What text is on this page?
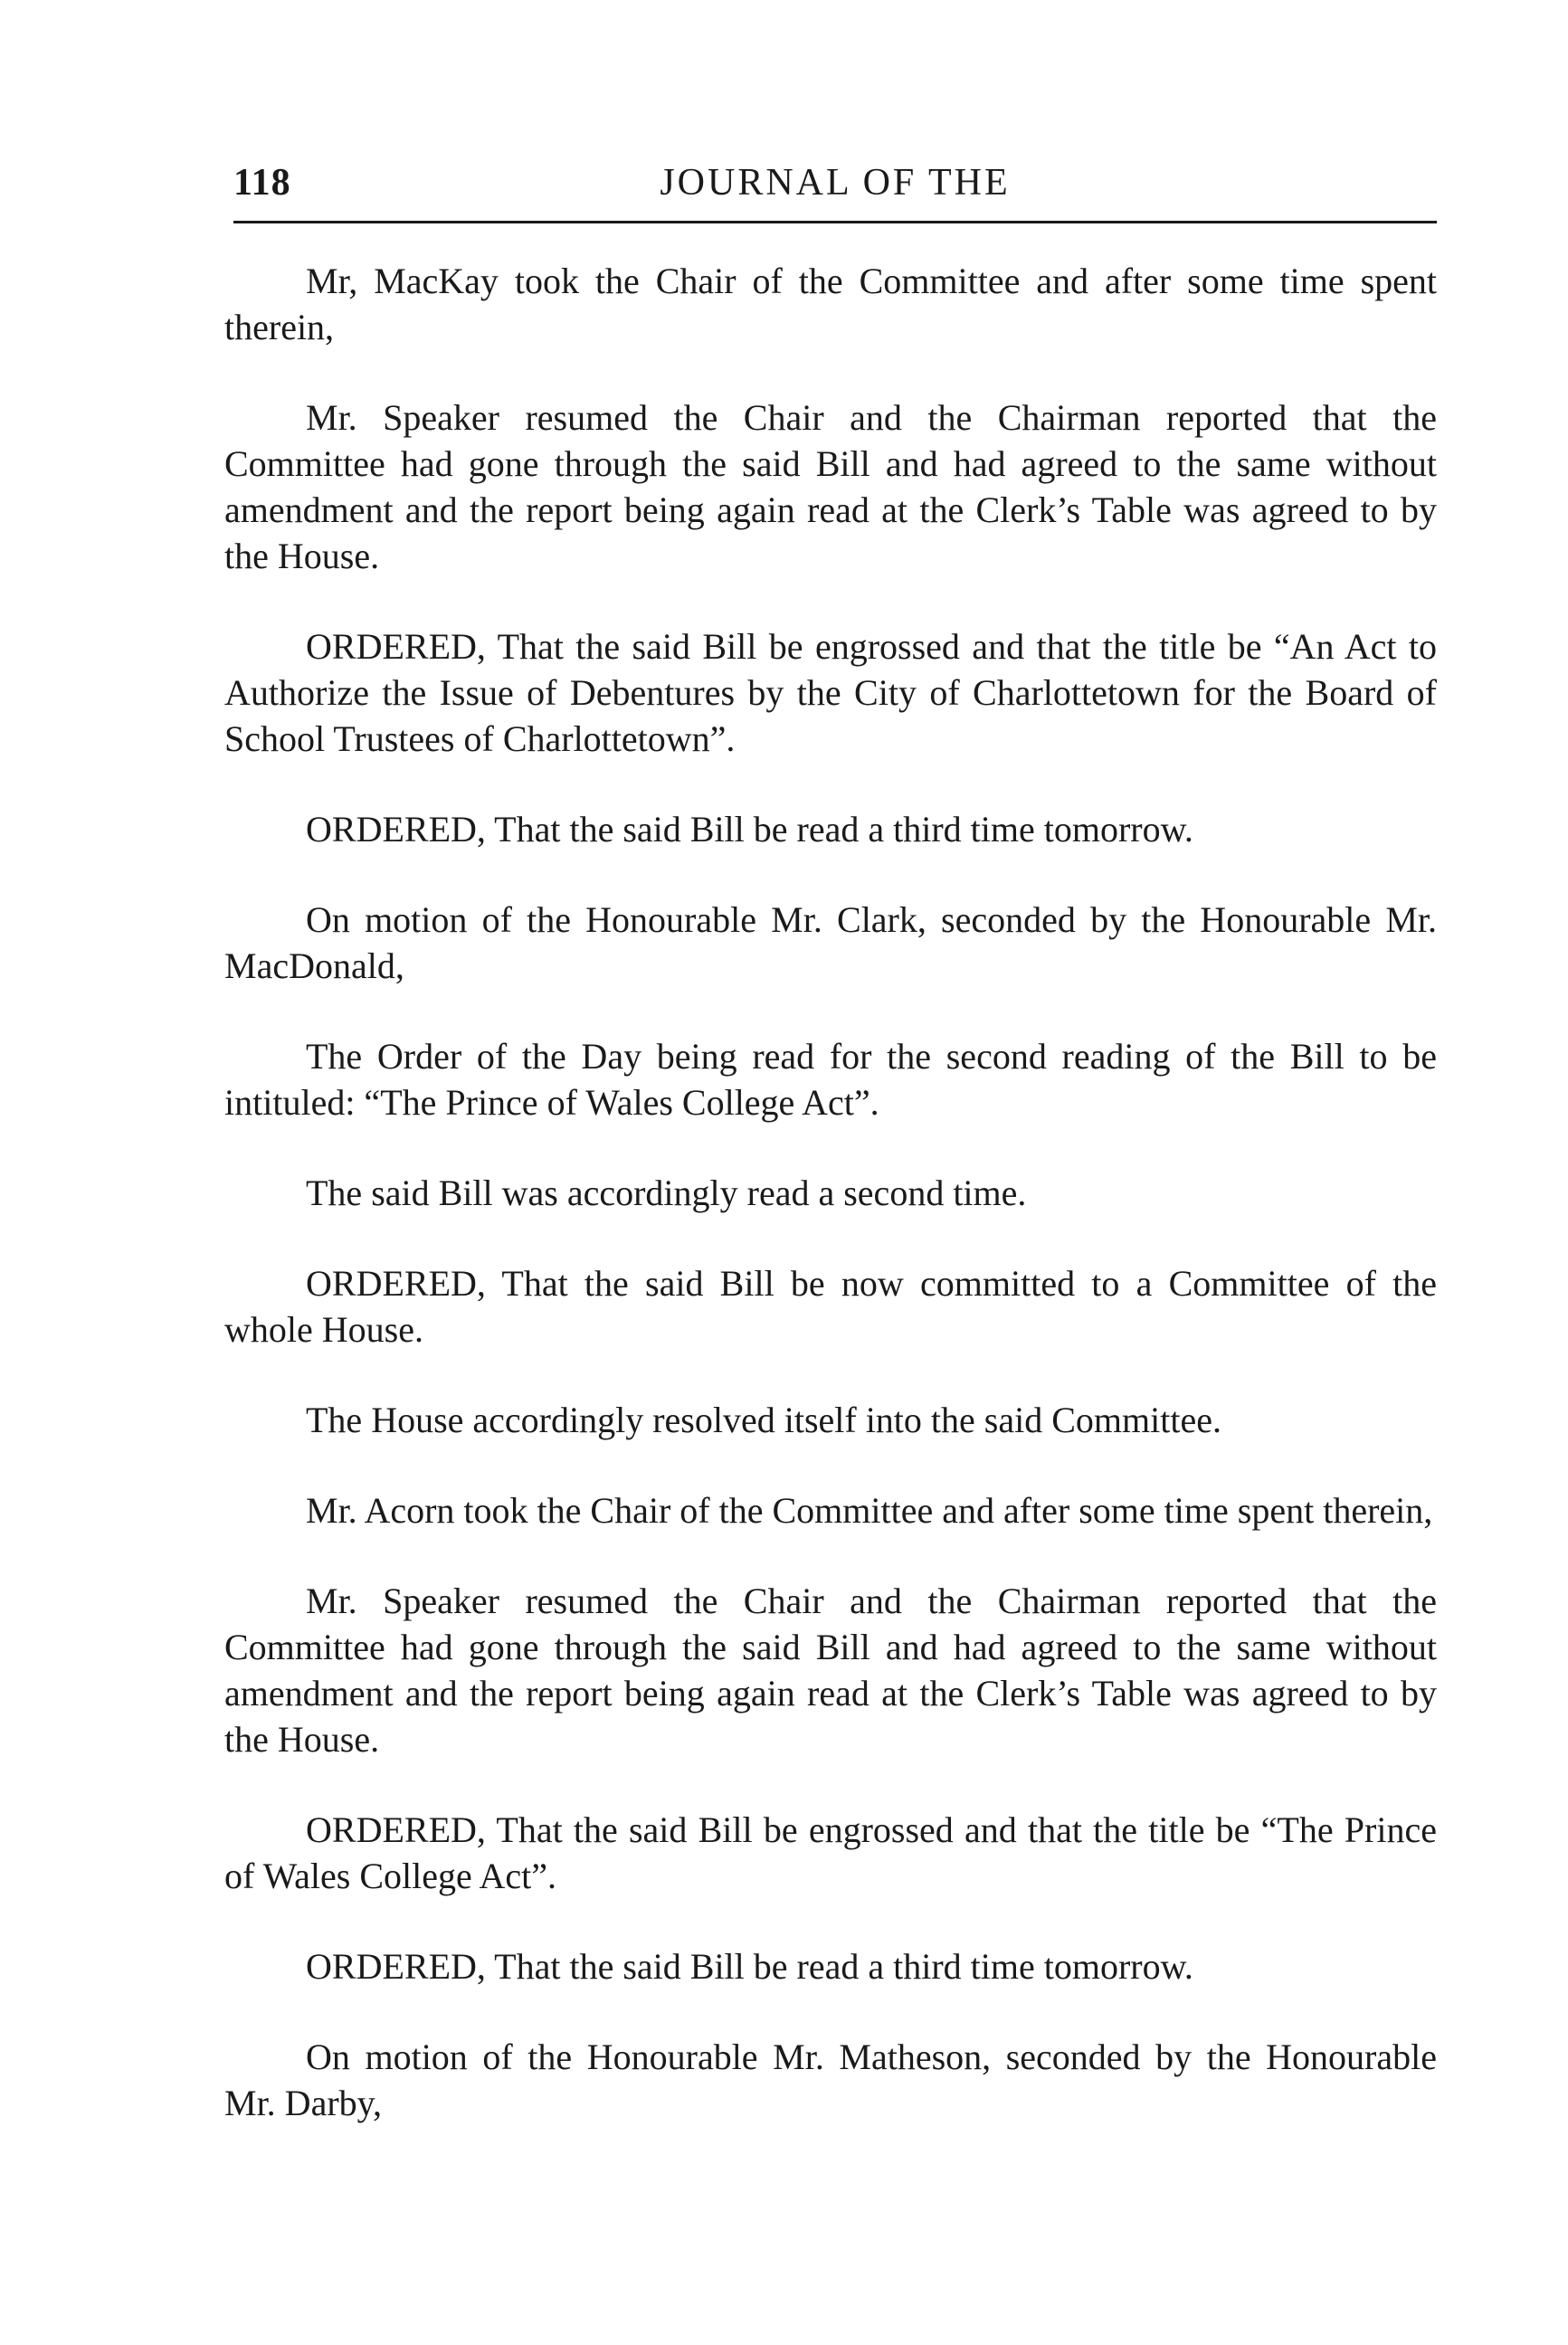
118	JOURNAL OF THE

Mr, MacKay took the Chair of the Committee and after some time spent therein,

Mr. Speaker resumed the Chair and the Chairman reported that the Committee had gone through the said Bill and had agreed to the same without amendment and the report being again read at the Clerk’s Table was agreed to by the House.

ORDERED, That the said Bill be engrossed and that the title be “An Act to Authorize the Issue of Debentures by the City of Charlottetown for the Board of School Trustees of Charlottetown”.

ORDERED, That the said Bill be read a third time tomorrow.

On motion of the Honourable Mr. Clark, seconded by the Honourable Mr. MacDonald,

The Order of the Day being read for the second reading of the Bill to be intituled: “The Prince of Wales College Act”.

The said Bill was accordingly read a second time.

ORDERED, That the said Bill be now committed to a Committee of the whole House.

The House accordingly resolved itself into the said Committee.

Mr. Acorn took the Chair of the Committee and after some time spent therein,

Mr. Speaker resumed the Chair and the Chairman reported that the Committee had gone through the said Bill and had agreed to the same without amendment and the report being again read at the Clerk’s Table was agreed to by the House.

ORDERED, That the said Bill be engrossed and that the title be “The Prince of Wales College Act”.

ORDERED, That the said Bill be read a third time tomorrow.

On motion of the Honourable Mr. Matheson, seconded by the Honourable Mr. Darby,
